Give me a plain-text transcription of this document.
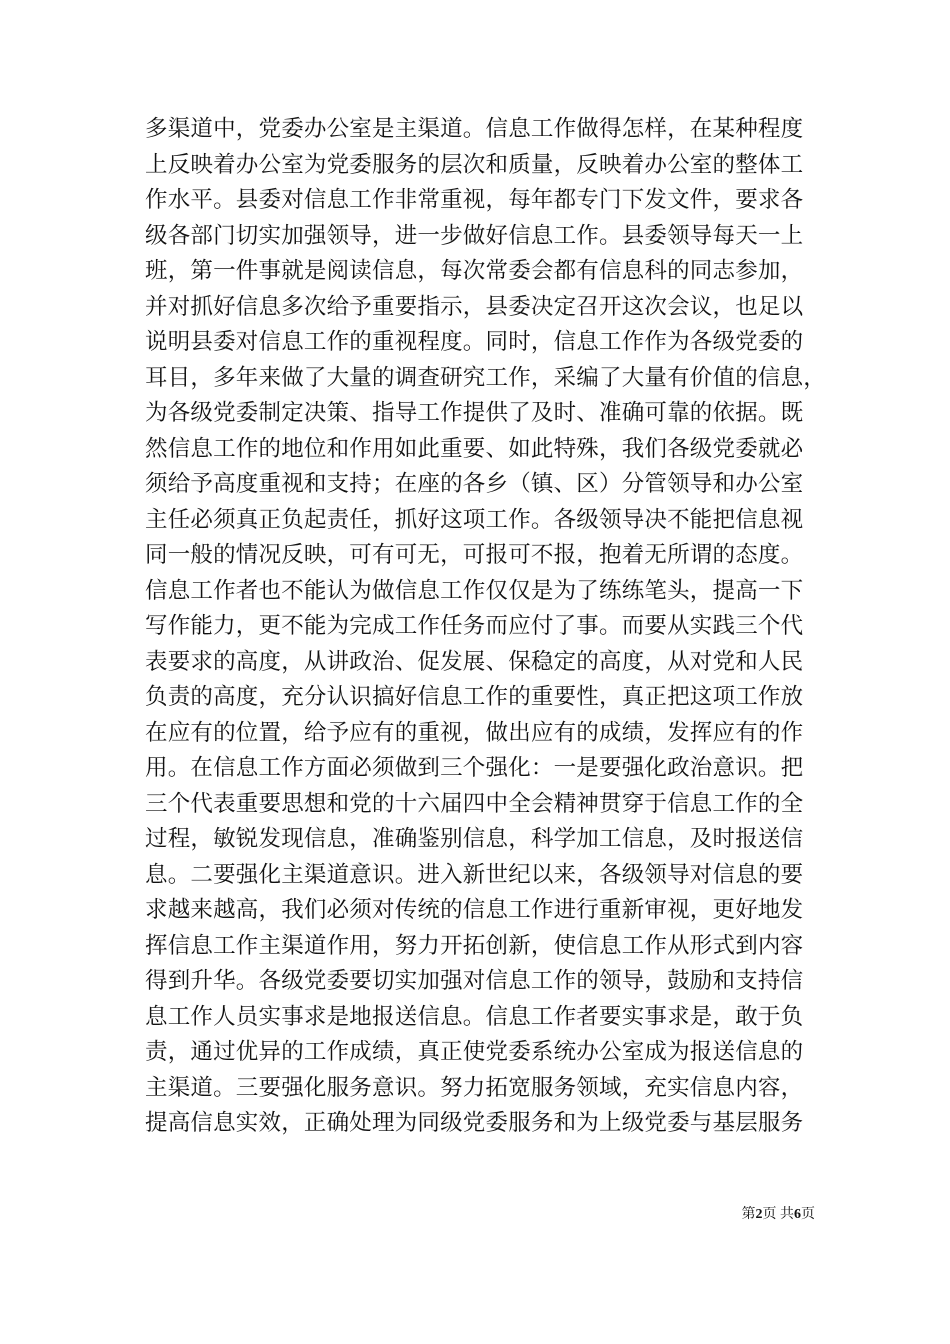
多渠道中，党委办公室是主渠道。信息工作做得怎样，在某种程度
上反映着办公室为党委服务的层次和质量，反映着办公室的整体工
作水平。县委对信息工作非常重视，每年都专门下发文件，要求各
级各部门切实加强领导，进一步做好信息工作。县委领导每天一上
班，第一件事就是阅读信息，每次常委会都有信息科的同志参加，
并对抓好信息多次给予重要指示，县委决定召开这次会议，也足以
说明县委对信息工作的重视程度。同时，信息工作作为各级党委的
耳目，多年来做了大量的调查研究工作，采编了大量有价值的信息，
为各级党委制定决策、指导工作提供了及时、准确可靠的依据。既
然信息工作的地位和作用如此重要、如此特殊，我们各级党委就必
须给予高度重视和支持；在座的各乡（镇、区）分管领导和办公室
主任必须真正负起责任，抓好这项工作。各级领导决不能把信息视
同一般的情况反映，可有可无，可报可不报，抱着无所谓的态度。
信息工作者也不能认为做信息工作仅仅是为了练练笔头，提高一下
写作能力，更不能为完成工作任务而应付了事。而要从实践三个代
表要求的高度，从讲政治、促发展、保稳定的高度，从对党和人民
负责的高度，充分认识搞好信息工作的重要性，真正把这项工作放
在应有的位置，给予应有的重视，做出应有的成绩，发挥应有的作
用。在信息工作方面必须做到三个强化：一是要强化政治意识。把
三个代表重要思想和党的十六届四中全会精神贯穿于信息工作的全
过程，敏锐发现信息，准确鉴别信息，科学加工信息，及时报送信
息。二要强化主渠道意识。进入新世纪以来，各级领导对信息的要
求越来越高，我们必须对传统的信息工作进行重新审视，更好地发
挥信息工作主渠道作用，努力开拓创新，使信息工作从形式到内容
得到升华。各级党委要切实加强对信息工作的领导，鼓励和支持信
息工作人员实事求是地报送信息。信息工作者要实事求是，敢于负
责，通过优异的工作成绩，真正使党委系统办公室成为报送信息的
主渠道。三要强化服务意识。努力拓宽服务领域，充实信息内容，
提高信息实效，正确处理为同级党委服务和为上级党委与基层服务
第2页 共6页
